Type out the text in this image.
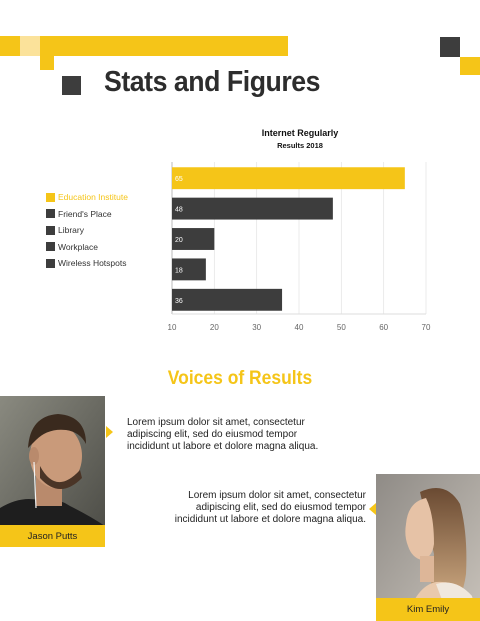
Stats and Figures
Internet Regularly
Results 2018
Education Institute
Friend's Place
Library
Workplace
Wireless Hotspots
10	20	30	40	50	60	70
65
48
20
18
36
Voices of Results
Jason Putts
Lorem ipsum dolor sit amet, consectetur
adipiscing elit, sed do eiusmod tempor
incididunt ut labore et dolore magna aliqua.
Kim Emily
Lorem ipsum dolor sit amet, consectetur
adipiscing elit, sed do eiusmod tempor
incididunt ut labore et dolore magna aliqua.
